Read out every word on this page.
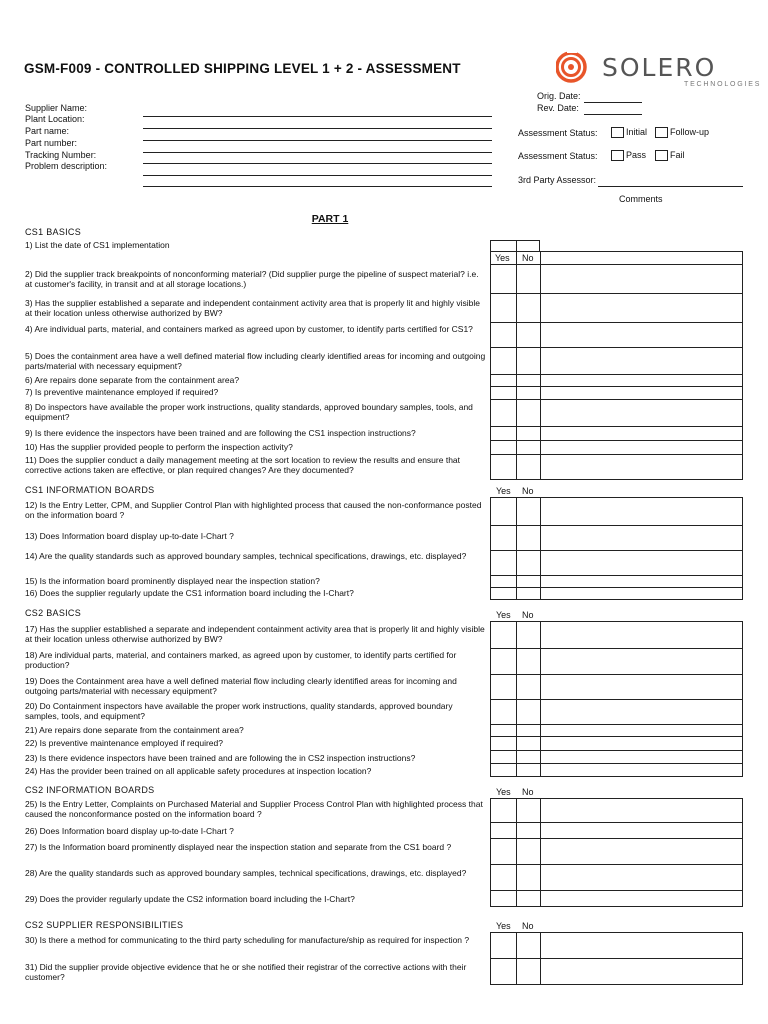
GSM-F009 - CONTROLLED SHIPPING LEVEL 1 + 2 - ASSESSMENT	SOLERO
TECHNOLOGIES
Orig. Date:
Rev. Date:
Supplier Name:
Plant Location:
Part name:
Part number:
Tracking Number:
Problem description:
Assessment Status:	Initial	Follow-up
Assessment Status:	Pass	Fail
3rd Party Assessor:
Comments
PART 1
CS1 BASICS
1) List the date of CS1 implementation
2) Did the supplier track breakpoints of nonconforming material? (Did supplier purge the pipeline of suspect material? i.e. at customer's facility, in transit and at all storage locations.)
3) Has the supplier established a separate and independent containment activity area that is properly lit and highly visible at their location unless otherwise authorized by BW?
4) Are individual parts, material, and containers marked as agreed upon by customer, to identify parts certified for CS1?
5) Does the containment area have a well defined material flow including clearly identified areas for incoming and outgoing parts/material with necessary equipment?
6) Are repairs done separate from the containment area?
7) Is preventive maintenance employed if required?
8) Do inspectors have available the proper work instructions, quality standards, approved boundary samples, tools, and equipment?
9) Is there evidence the inspectors have been trained and are following the CS1 inspection instructions?
10) Has the supplier provided people to perform the inspection activity?
11) Does the supplier conduct a daily management meeting at the sort location to review the results and ensure that corrective actions taken are effective, or plan required changes? Are they documented?
Yes No
CS1 INFORMATION BOARDS	Yes No
12) Is the Entry Letter, CPM, and Supplier Control Plan with highlighted process that caused the non-conformance posted on the information board ?
13) Does Information board display up-to-date I-Chart ?
14) Are the quality standards such as approved boundary samples, technical specifications, drawings, etc. displayed?
15) Is the information board prominently displayed near the inspection station?
16) Does the supplier regularly update the CS1 information board including the I-Chart?
CS2 BASICS	Yes No
17) Has the supplier established a separate and independent containment activity area that is properly lit and highly visible at their location unless otherwise authorized by BW?
18) Are individual parts, material, and containers marked, as agreed upon by customer, to identify parts certified for production?
19) Does the Containment area have a well defined material flow including clearly identified areas for incoming and outgoing parts/material with necessary equipment?
20) Do Containment inspectors have available the proper work instructions, quality standards, approved boundary samples, tools, and equipment?
21) Are repairs done separate from the containment area?
22) Is preventive maintenance employed if required?
23) Is there evidence inspectors have been trained and are following the in CS2 inspection instructions?
24) Has the provider been trained on all applicable safety procedures at inspection location?
CS2 INFORMATION BOARDS	Yes No
25) Is the Entry Letter, Complaints on Purchased Material and Supplier Process Control Plan with highlighted process that caused the nonconformance posted on the information board ?
26) Does Information board display up-to-date I-Chart ?
27) Is the Information board prominently displayed near the inspection station and separate from the CS1 board ?
28) Are the quality standards such as approved boundary samples, technical specifications, drawings, etc. displayed?
29) Does the provider regularly update the CS2 information board including the I-Chart?
CS2 SUPPLIER RESPONSIBILITIES	Yes No
30) Is there a method for communicating to the third party scheduling for manufacture/ship as required for inspection ?
31) Did the supplier provide objective evidence that he or she notified their registrar of the corrective actions with their customer?
